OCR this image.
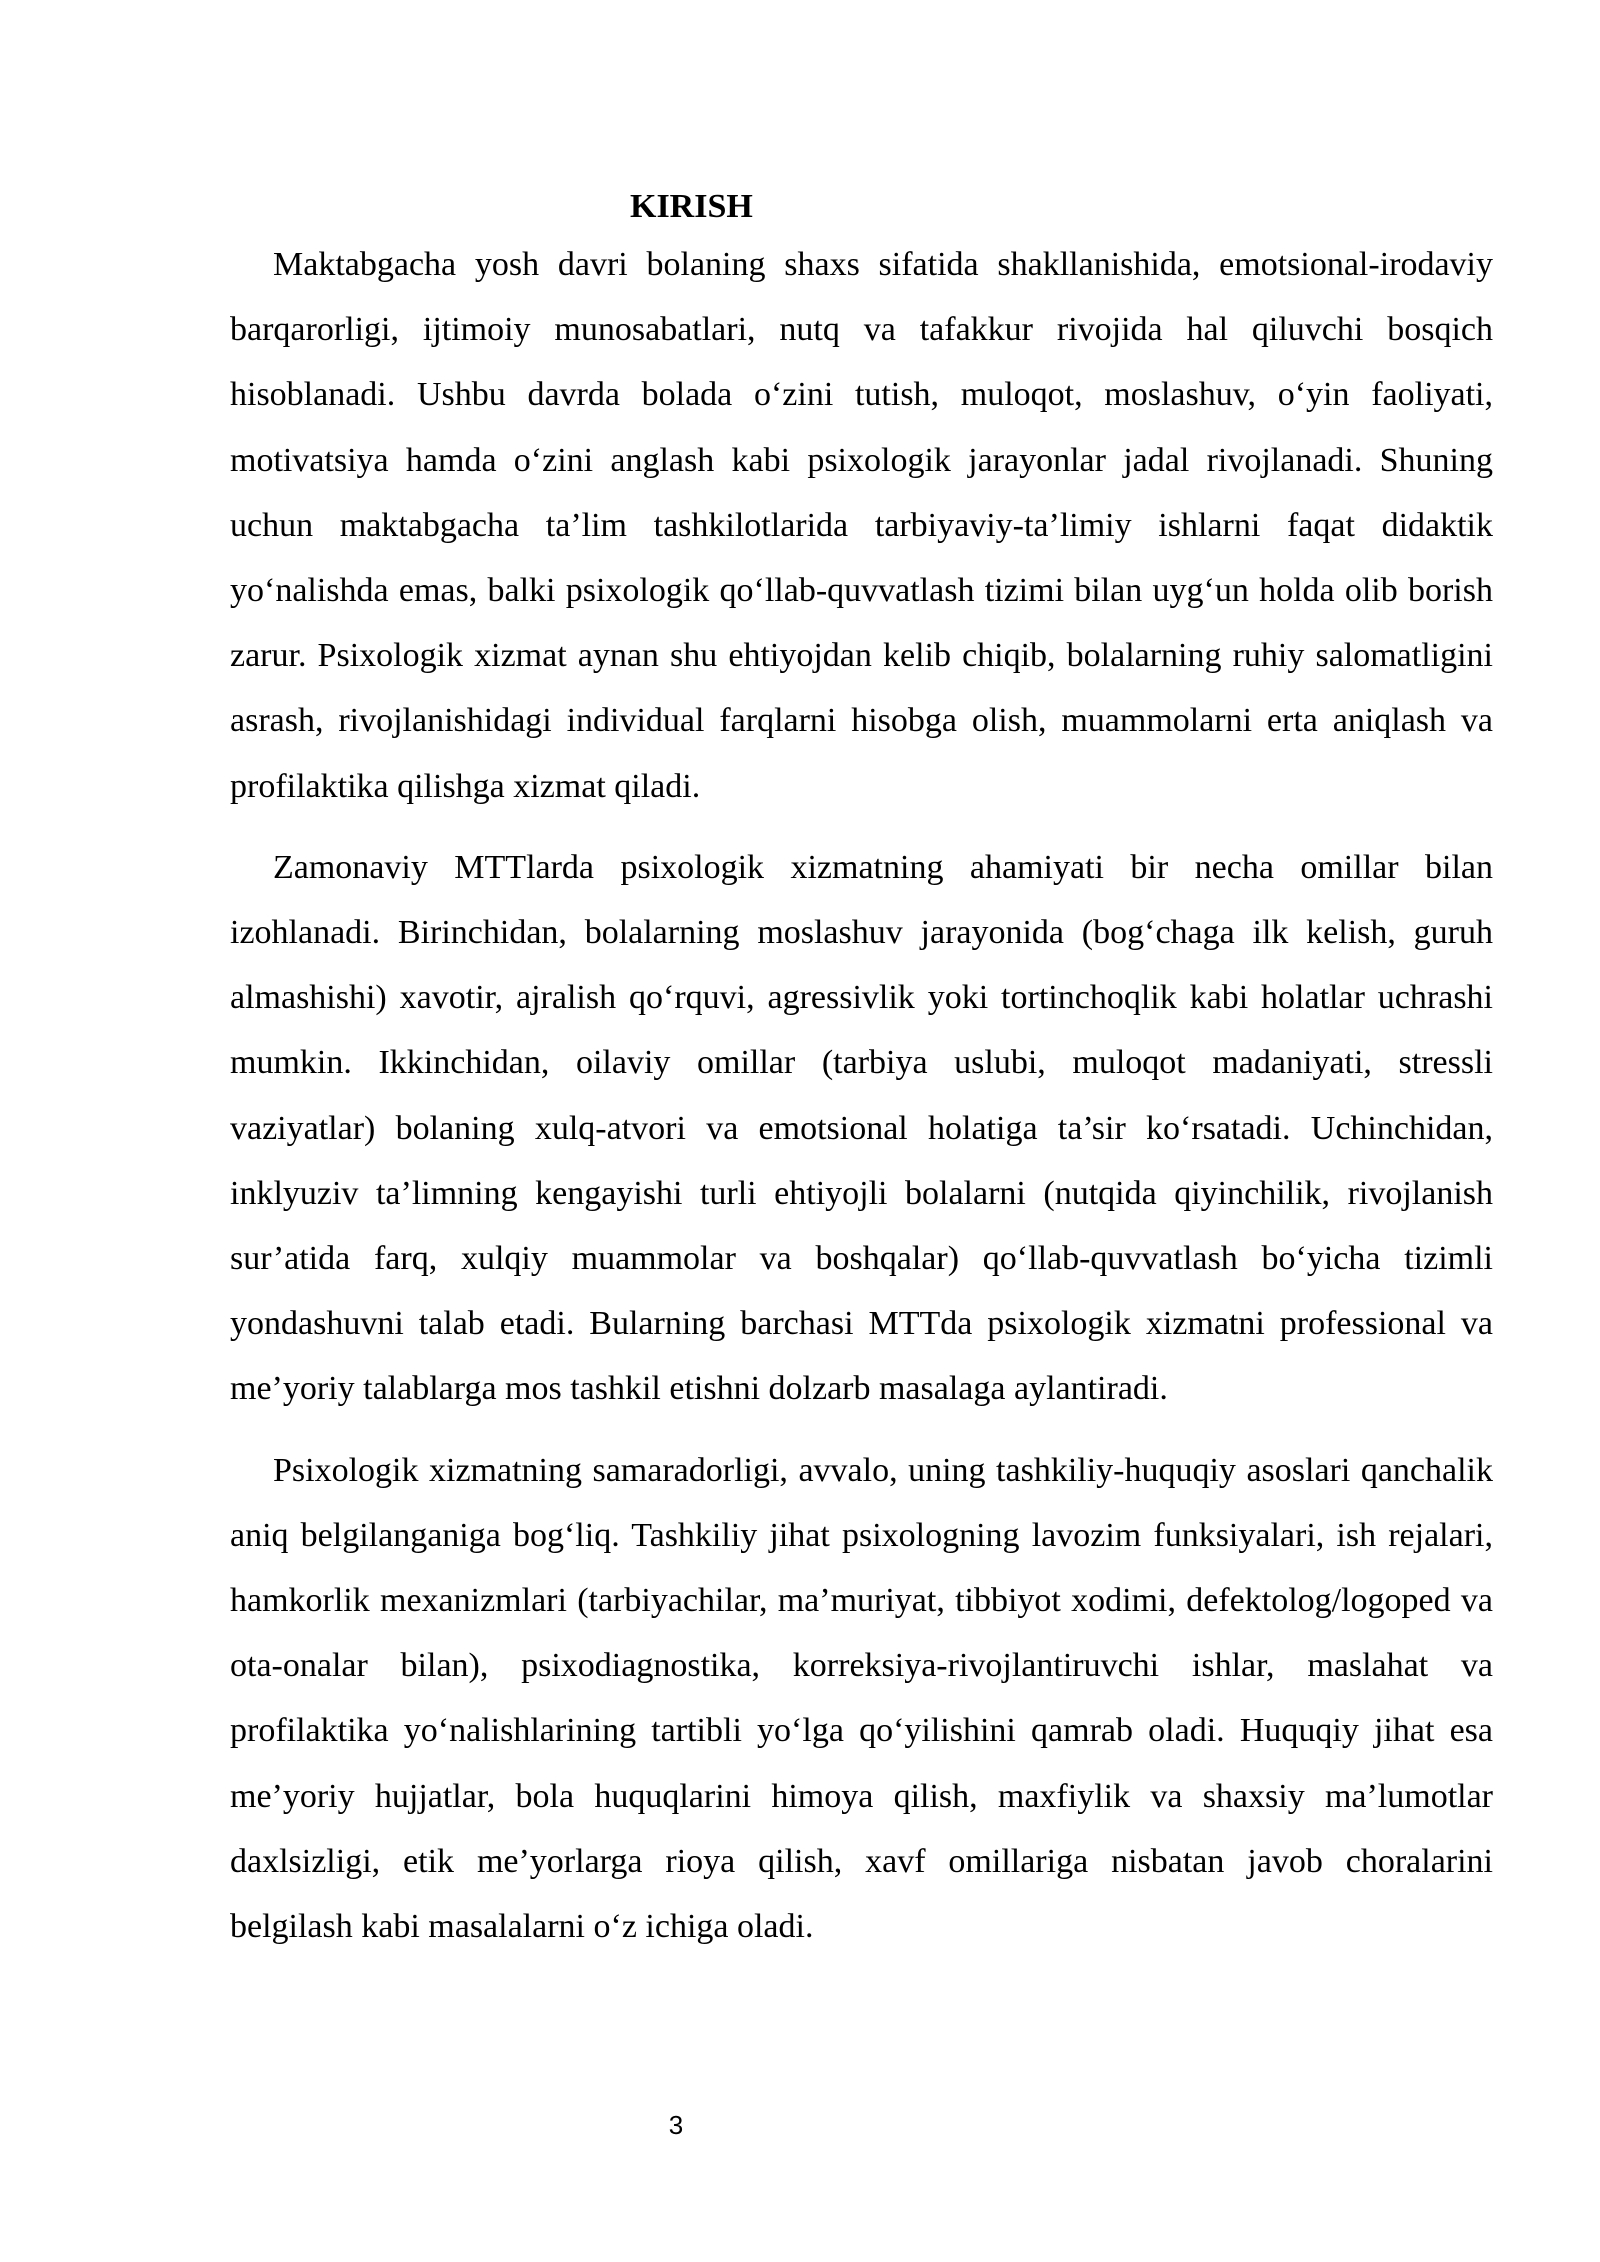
KIRISH

Maktabgacha yosh davri bolaning shaxs sifatida shakllanishida, emotsional-irodaviy barqarorligi, ijtimoiy munosabatlari, nutq va tafakkur rivojida hal qiluvchi bosqich hisoblanadi. Ushbu davrda bolada o‘zini tutish, muloqot, moslashuv, o‘yin faoliyati, motivatsiya hamda o‘zini anglash kabi psixologik jarayonlar jadal rivojlanadi. Shuning uchun maktabgacha ta’lim tashkilotlarida tarbiyaviy-ta’limiy ishlarni faqat didaktik yo‘nalishda emas, balki psixologik qo‘llab-quvvatlash tizimi bilan uyg‘un holda olib borish zarur. Psixologik xizmat aynan shu ehtiyojdan kelib chiqib, bolalarning ruhiy salomatligini asrash, rivojlanishidagi individual farqlarni hisobga olish, muammolarni erta aniqlash va profilaktika qilishga xizmat qiladi.

Zamonaviy MTTlarda psixologik xizmatning ahamiyati bir necha omillar bilan izohlanadi. Birinchidan, bolalarning moslashuv jarayonida (bog‘chaga ilk kelish, guruh almashishi) xavotir, ajralish qo‘rquvi, agressivlik yoki tortinchoqlik kabi holatlar uchrashi mumkin. Ikkinchidan, oilaviy omillar (tarbiya uslubi, muloqot madaniyati, stressli vaziyatlar) bolaning xulq-atvori va emotsional holatiga ta’sir ko‘rsatadi. Uchinchidan, inklyuziv ta’limning kengayishi turli ehtiyojli bolalarni (nutqida qiyinchilik, rivojlanish sur’atida farq, xulqiy muammolar va boshqalar) qo‘llab-quvvatlash bo‘yicha tizimli yondashuvni talab etadi. Bularning barchasi MTTda psixologik xizmatni professional va me’yoriy talablarga mos tashkil etishni dolzarb masalaga aylantiradi.

Psixologik xizmatning samaradorligi, avvalo, uning tashkiliy-huquqiy asoslari qanchalik aniq belgilanganiga bog‘liq. Tashkiliy jihat psixologning lavozim funksiyalari, ish rejalari, hamkorlik mexanizmlari (tarbiyachilar, ma’muriyat, tibbiyot xodimi, defektolog/logoped va ota-onalar bilan), psixodiagnostika, korreksiya-rivojlantiruvchi ishlar, maslahat va profilaktika yo‘nalishlarining tartibli yo‘lga qo‘yilishini qamrab oladi. Huquqiy jihat esa me’yoriy hujjatlar, bola huquqlarini himoya qilish, maxfiylik va shaxsiy ma’lumotlar daxlsizligi, etik me’yorlarga rioya qilish, xavf omillariga nisbatan javob choralarini belgilash kabi masalalarni o‘z ichiga oladi.

3
